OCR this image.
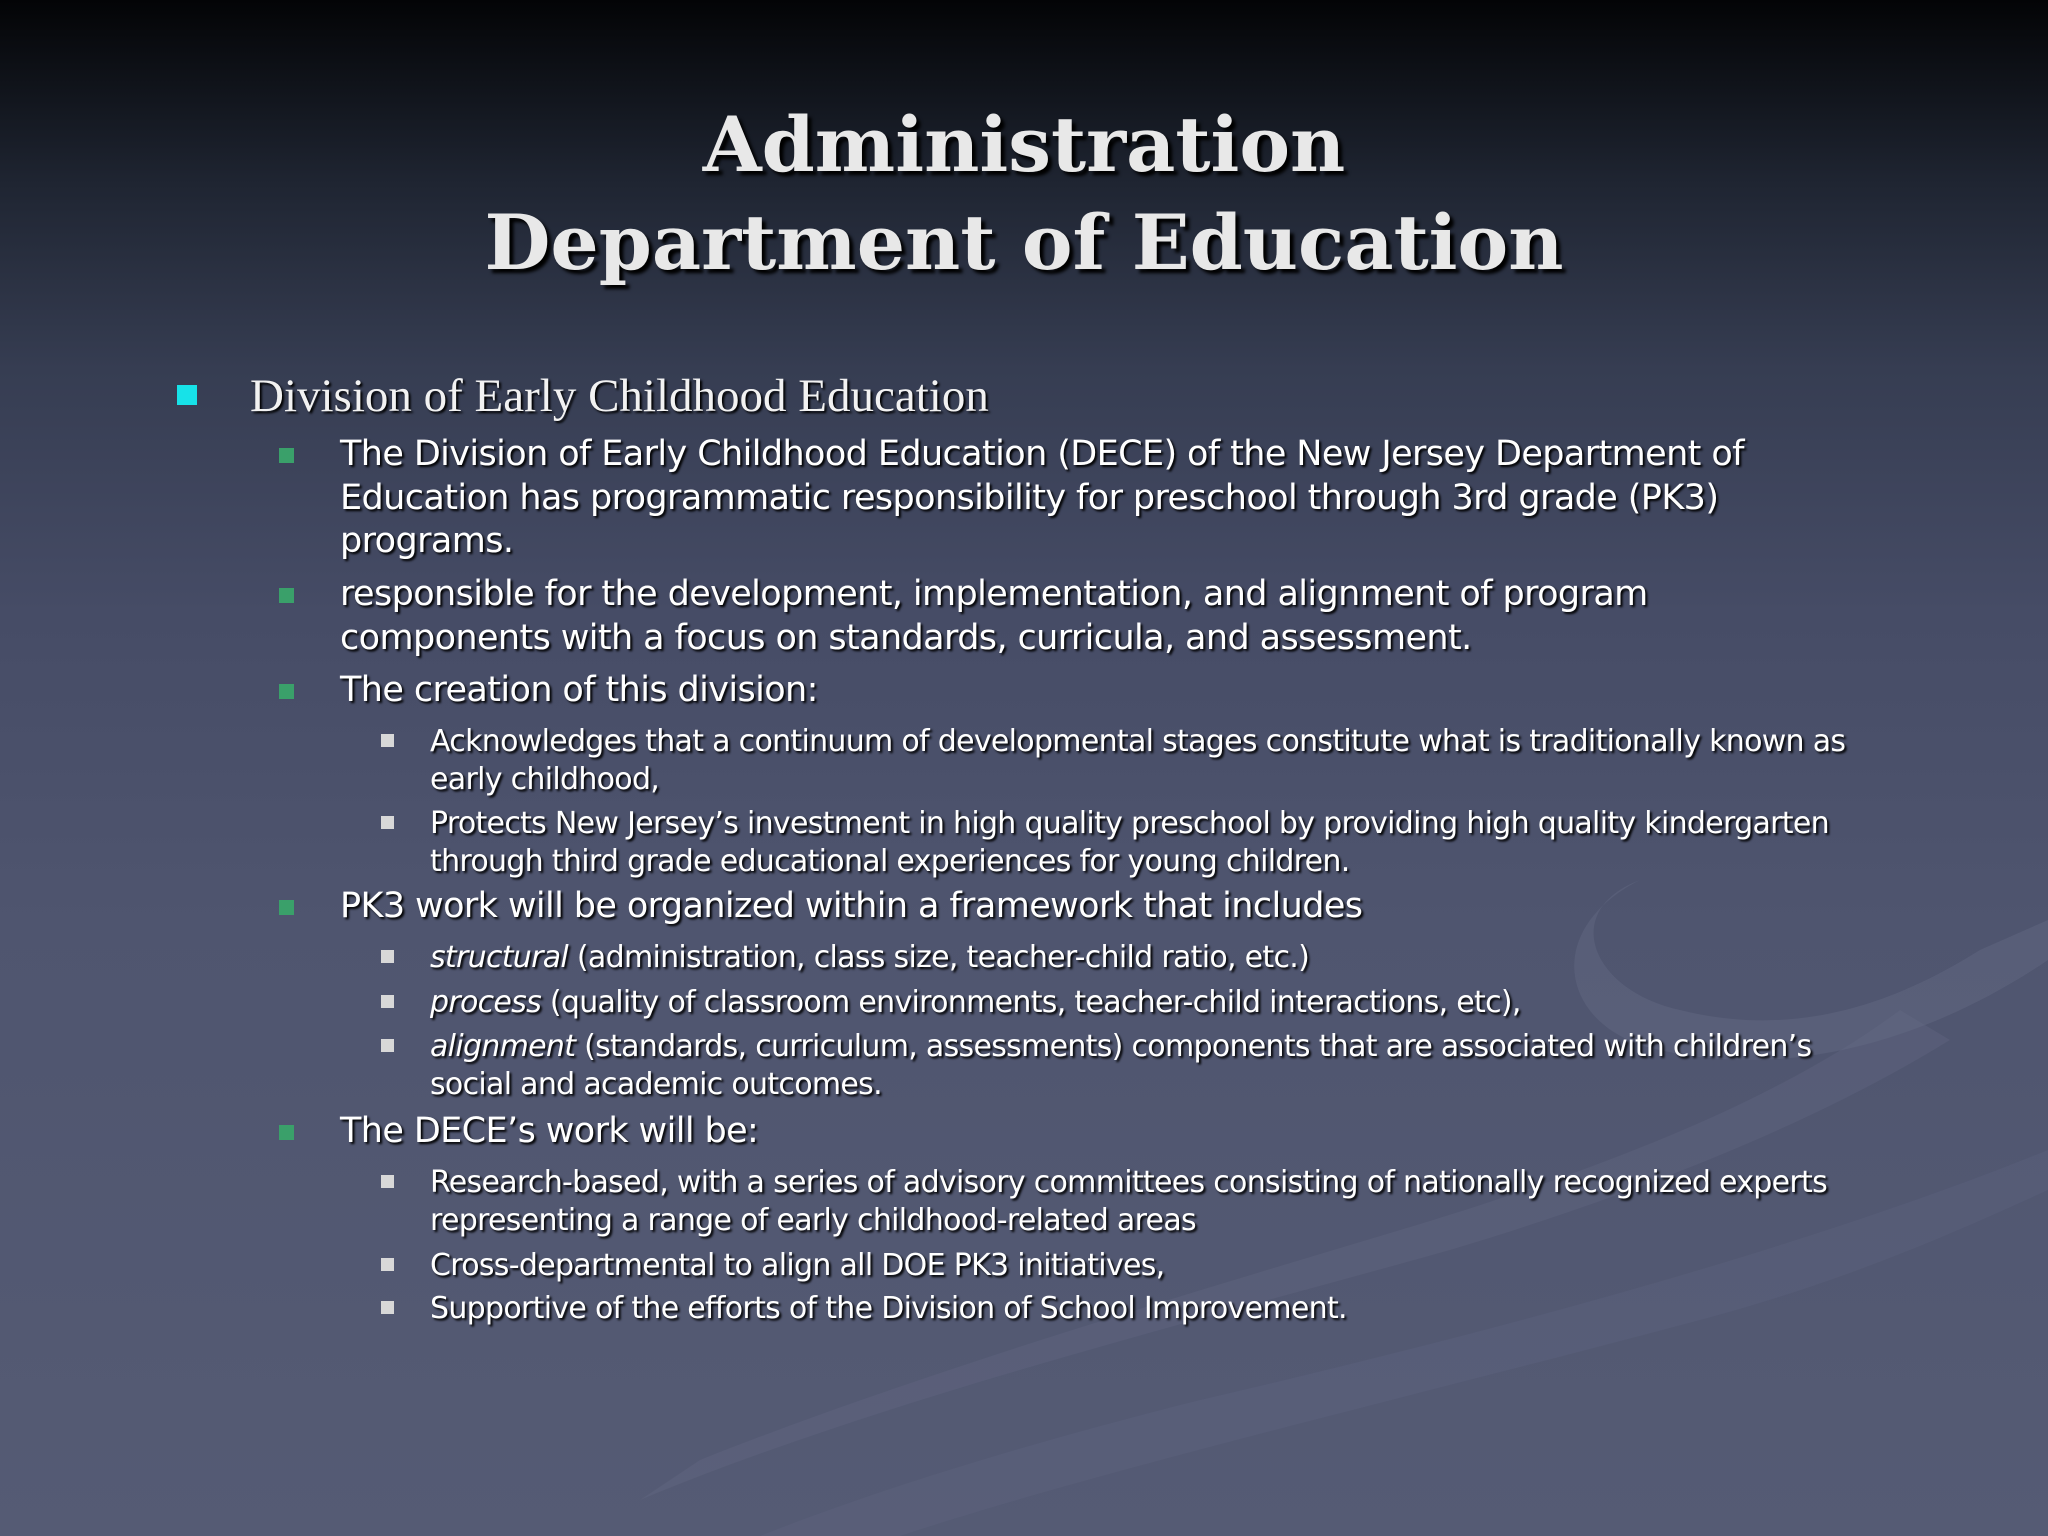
Administration
Department of Education
Division of Early Childhood Education
The Division of Early Childhood Education (DECE) of the New Jersey Department of Education has programmatic responsibility for preschool through 3rd grade (PK3) programs.
responsible for the development, implementation, and alignment of program components with a focus on standards, curricula, and assessment.
The creation of this division:
Acknowledges that a continuum of developmental stages constitute what is traditionally known as early childhood,
Protects New Jersey’s investment in high quality preschool by providing high quality kindergarten through third grade educational experiences for young children.
PK3 work will be organized within a framework that includes
structural (administration, class size, teacher-child ratio, etc.)
process (quality of classroom environments, teacher-child interactions, etc),
alignment (standards, curriculum, assessments) components that are associated with children’s social and academic outcomes.
The DECE’s work will be:
Research-based, with a series of advisory committees consisting of nationally recognized experts representing a range of early childhood-related areas
Cross-departmental to align all DOE PK3 initiatives,
Supportive of the efforts of the Division of School Improvement.
